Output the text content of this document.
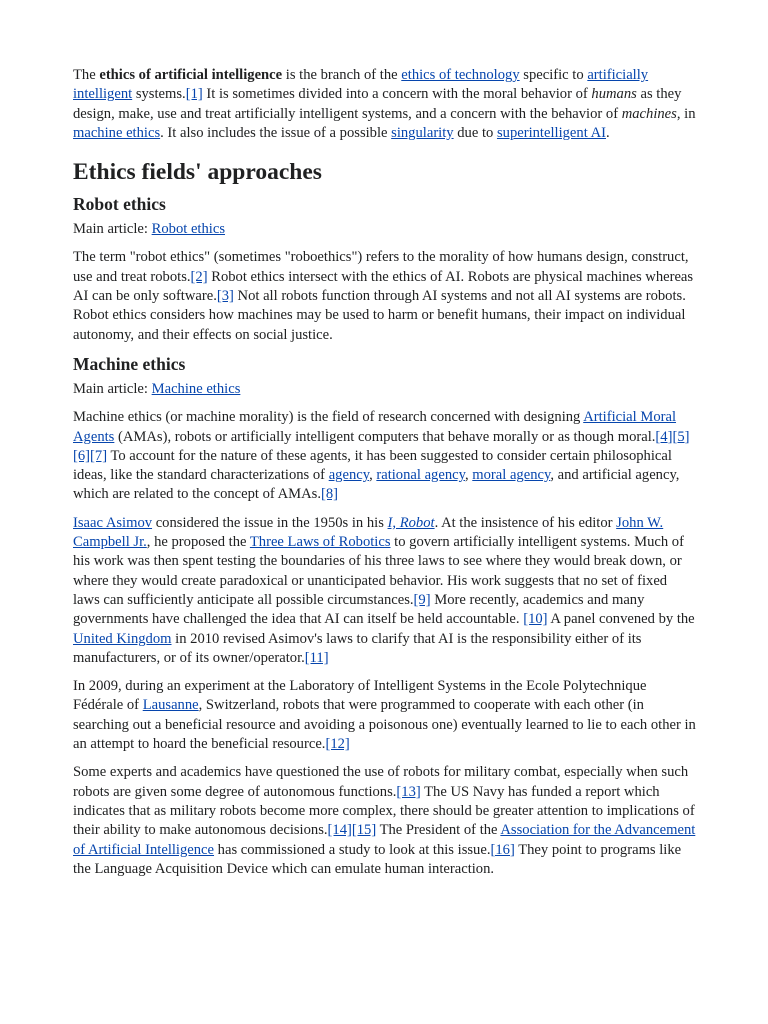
The ethics of artificial intelligence is the branch of the ethics of technology specific to artificially intelligent systems.[1] It is sometimes divided into a concern with the moral behavior of humans as they design, make, use and treat artificially intelligent systems, and a concern with the behavior of machines, in machine ethics. It also includes the issue of a possible singularity due to superintelligent AI.

Ethics fields' approaches
Robot ethics

Main article: Robot ethics

The term "robot ethics" (sometimes "roboethics") refers to the morality of how humans design, construct, use and treat robots.[2] Robot ethics intersect with the ethics of AI. Robots are physical machines whereas AI can be only software.[3] Not all robots function through AI systems and not all AI systems are robots. Robot ethics considers how machines may be used to harm or benefit humans, their impact on individual autonomy, and their effects on social justice.

Machine ethics

Main article: Machine ethics

Machine ethics (or machine morality) is the field of research concerned with designing Artificial Moral Agents (AMAs), robots or artificially intelligent computers that behave morally or as though moral.[4][5][6][7] To account for the nature of these agents, it has been suggested to consider certain philosophical ideas, like the standard characterizations of agency, rational agency, moral agency, and artificial agency, which are related to the concept of AMAs.[8]

Isaac Asimov considered the issue in the 1950s in his I, Robot. At the insistence of his editor John W. Campbell Jr., he proposed the Three Laws of Robotics to govern artificially intelligent systems. Much of his work was then spent testing the boundaries of his three laws to see where they would break down, or where they would create paradoxical or unanticipated behavior. His work suggests that no set of fixed laws can sufficiently anticipate all possible circumstances.[9] More recently, academics and many governments have challenged the idea that AI can itself be held accountable. [10] A panel convened by the United Kingdom in 2010 revised Asimov's laws to clarify that AI is the responsibility either of its manufacturers, or of its owner/operator.[11]

In 2009, during an experiment at the Laboratory of Intelligent Systems in the Ecole Polytechnique Fédérale of Lausanne, Switzerland, robots that were programmed to cooperate with each other (in searching out a beneficial resource and avoiding a poisonous one) eventually learned to lie to each other in an attempt to hoard the beneficial resource.[12]

Some experts and academics have questioned the use of robots for military combat, especially when such robots are given some degree of autonomous functions.[13] The US Navy has funded a report which indicates that as military robots become more complex, there should be greater attention to implications of their ability to make autonomous decisions.[14][15] The President of the Association for the Advancement of Artificial Intelligence has commissioned a study to look at this issue.[16] They point to programs like the Language Acquisition Device which can emulate human interaction.
